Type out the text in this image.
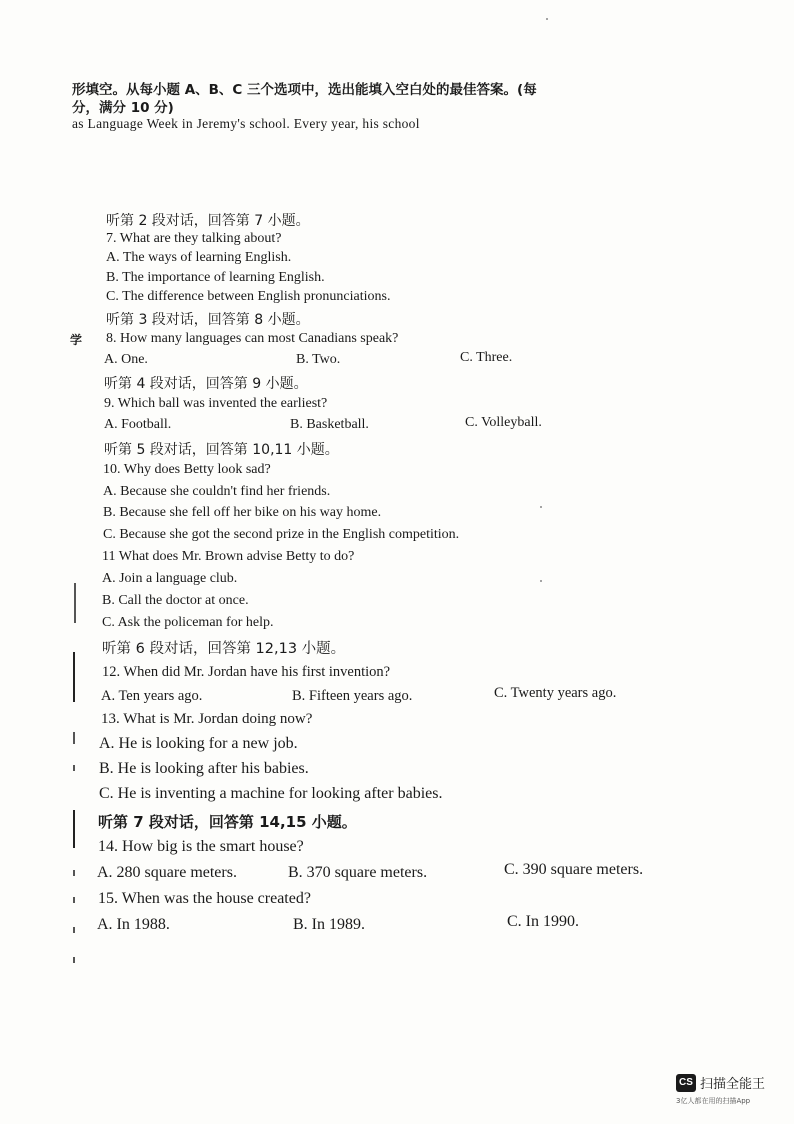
形填空。从每小题 A、B、C 三个选项中，选出能填入空白处的最佳答案。(每
分，满分 10 分)
as Language Week in Jeremy's school. Every year, his school
听第 2 段对话，回答第 7 小题。
7. What are they talking about?
A. The ways of learning English.
B. The importance of learning English.
C. The difference between English pronunciations.
听第 3 段对话，回答第 8 小题。
学 8. How many languages can most Canadians speak?
A. One.	B. Two.	C. Three.
听第 4 段对话，回答第 9 小题。
9. Which ball was invented the earliest?
A. Football.	B. Basketball.	C. Volleyball.
听第 5 段对话，回答第 10,11 小题。
10. Why does Betty look sad?
A. Because she couldn't find her friends.
B. Because she fell off her bike on his way home.
C. Because she got the second prize in the English competition.
11 What does Mr. Brown advise Betty to do?
A. Join a language club.
B. Call the doctor at once.
C. Ask the policeman for help.
听第 6 段对话，回答第 12,13 小题。
12. When did Mr. Jordan have his first invention?
A. Ten years ago.	B. Fifteen years ago.	C. Twenty years ago.
13. What is Mr. Jordan doing now?
A. He is looking for a new job.
B. He is looking after his babies.
C. He is inventing a machine for looking after babies.
听第 7 段对话，回答第 14,15 小题。
14. How big is the smart house?
A. 280 square meters.	B. 370 square meters.	C. 390 square meters.
15. When was the house created?
A. In 1988.	B. In 1989.	C. In 1990.
CS 扫描全能王
3亿人都在用的扫描App
